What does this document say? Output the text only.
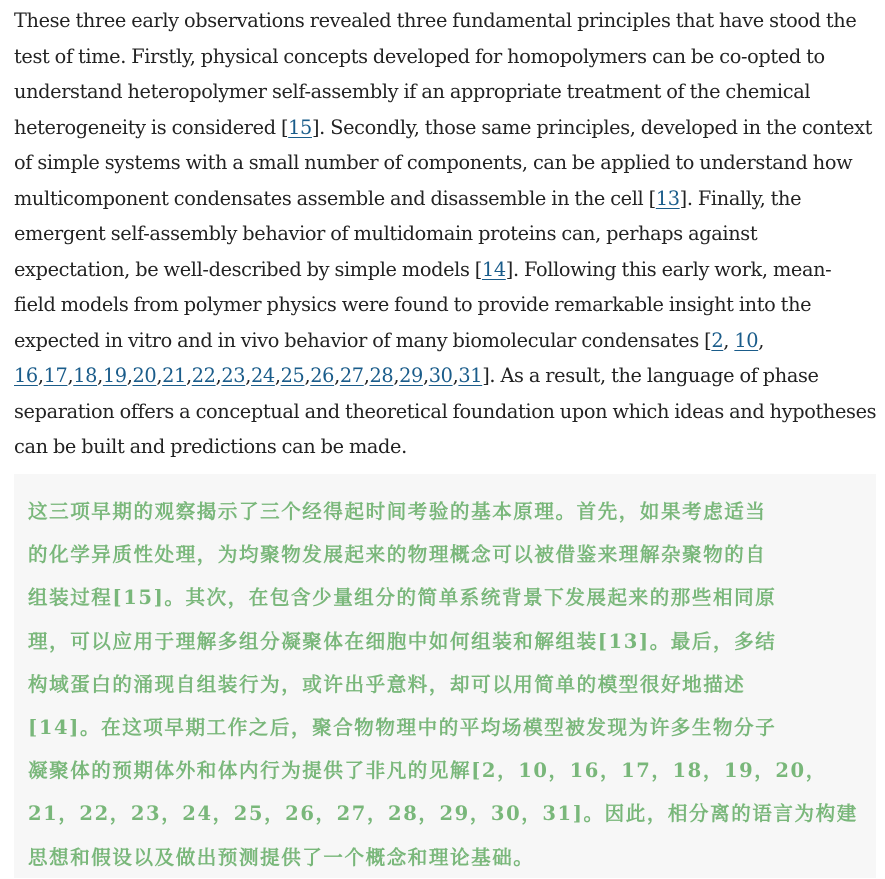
These three early observations revealed three fundamental principles that have stood the
test of time. Firstly, physical concepts developed for homopolymers can be co-opted to
understand heteropolymer self-assembly if an appropriate treatment of the chemical
heterogeneity is considered [15]. Secondly, those same principles, developed in the context
of simple systems with a small number of components, can be applied to understand how
multicomponent condensates assemble and disassemble in the cell [13]. Finally, the
emergent self-assembly behavior of multidomain proteins can, perhaps against
expectation, be well-described by simple models [14]. Following this early work, mean-
field models from polymer physics were found to provide remarkable insight into the
expected in vitro and in vivo behavior of many biomolecular condensates [2, 10,
16,17,18,19,20,21,22,23,24,25,26,27,28,29,30,31]. As a result, the language of phase
separation offers a conceptual and theoretical foundation upon which ideas and hypotheses
can be built and predictions can be made.
这三项早期的观察揭示了三个经得起时间考验的基本原理。首先，如果考虑适当
的化学异质性处理，为均聚物发展起来的物理概念可以被借鉴来理解杂聚物的自
组装过程[15]。其次，在包含少量组分的简单系统背景下发展起来的那些相同原
理，可以应用于理解多组分凝聚体在细胞中如何组装和解组装[13]。最后，多结
构域蛋白的涌现自组装行为，或许出乎意料，却可以用简单的模型很好地描述
[14]。在这项早期工作之后，聚合物物理中的平均场模型被发现为许多生物分子
凝聚体的预期体外和体内行为提供了非凡的见解[2，10，16，17，18，19，20，
21，22，23，24，25，26，27，28，29，30，31]。因此，相分离的语言为构建
思想和假设以及做出预测提供了一个概念和理论基础。
